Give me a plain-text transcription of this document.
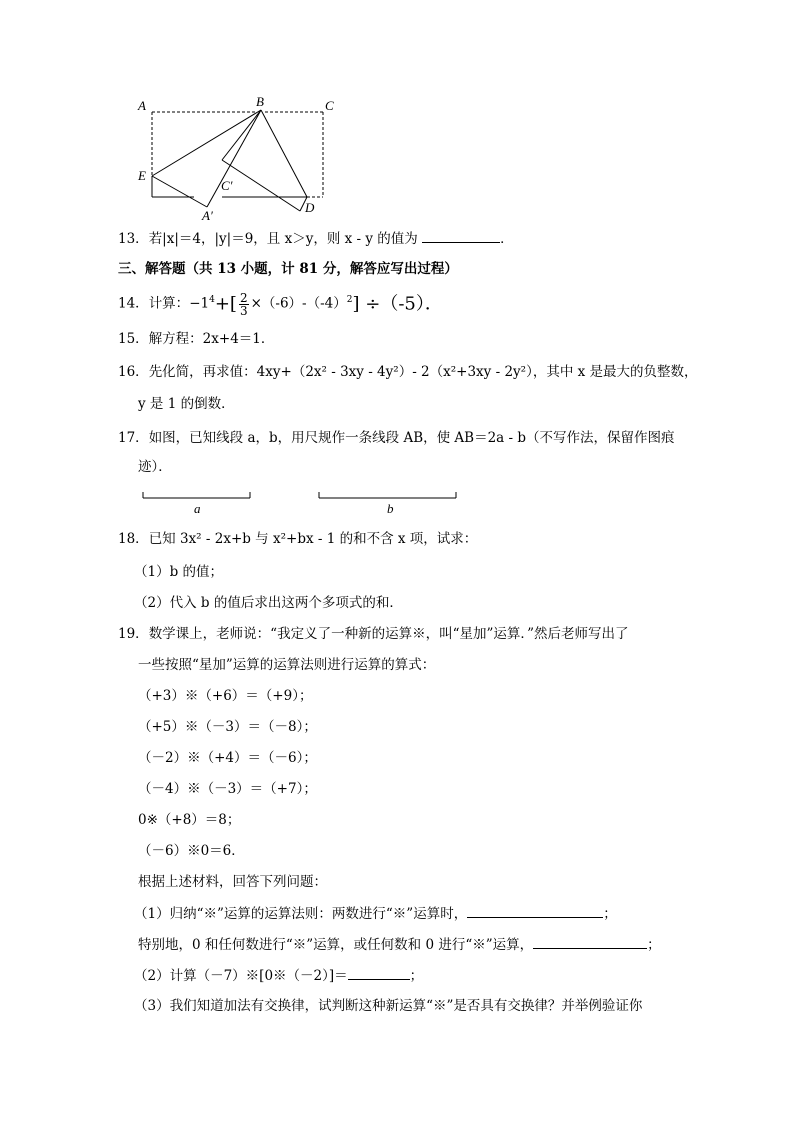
A	B	C
E
C′
A′
D
13．若|x|＝4，|y|＝9，且 x＞y，则 x - y 的值为	．
三、解答题（共 13 小题，计 81 分，解答应写出过程）
14．计算：$-1^4+[ \frac{2}{3} \times(-6)-(-4)^2] \div(-5)$．
15．解方程：2x+4＝1．
16．先化简，再求值：4xy+（2x² - 3xy - 4y²）- 2（x²+3xy - 2y²），其中 x 是最大的负整数，
y 是 1 的倒数．
17．如图，已知线段 a，b，用尺规作一条线段 AB，使 AB＝2a - b（不写作法，保留作图痕
迹）．
a	b
18．已知 3x² - 2x+b 与 x²+bx - 1 的和不含 x 项，试求：
（1）b 的值；
（2）代入 b 的值后求出这两个多项式的和．
19．数学课上，老师说：“我定义了一种新的运算※，叫“星加”运算．”然后老师写出了
一些按照“星加”运算的运算法则进行运算的算式：
（+3）※（+6）＝（+9）；
（+5）※（－3）＝（－8）；
（－2）※（+4）＝（－6）；
（－4）※（－3）＝（+7）；
0※（+8）＝8；
（－6）※0＝6．
根据上述材料，回答下列问题：
（1）归纳“※”运算的运算法则：两数进行“※”运算时，	；
特别地，0 和任何数进行“※”运算，或任何数和 0 进行“※”运算，	；
（2）计算（－7）※[0※（－2）]＝	；
（3）我们知道加法有交换律，试判断这种新运算“※”是否具有交换律？并举例验证你
